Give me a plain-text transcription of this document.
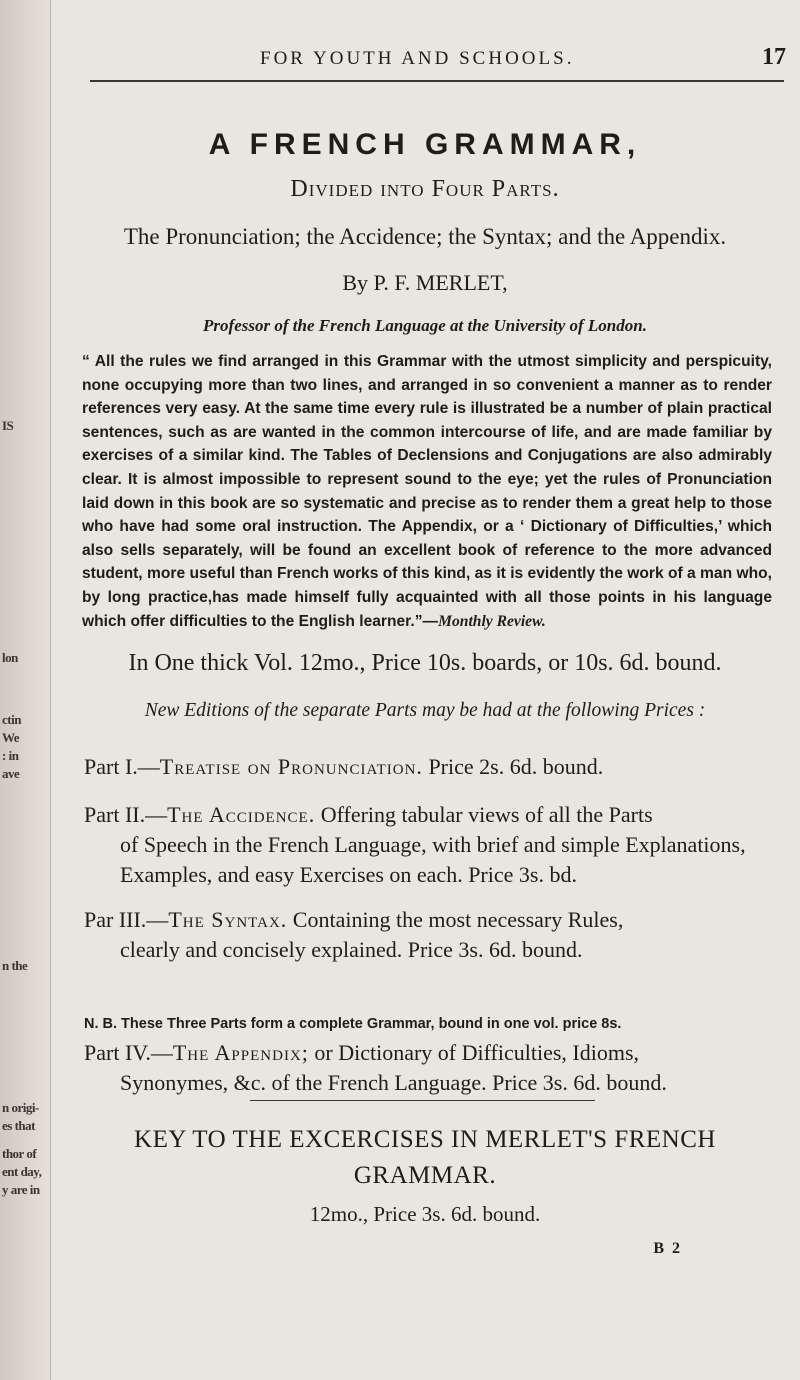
IS
lon
ctin
We
: in
ave
n the
n origi-
es that
thor of
ent day,
y are in
FOR YOUTH AND SCHOOLS.	17
A FRENCH GRAMMAR,
Divided into Four Parts.
The Pronunciation; the Accidence; the Syntax; and the Appendix.
By P. F. MERLET,
Professor of the French Language at the University of London.
“ All the rules we find arranged in this Grammar with the utmost simplicity and perspicuity, none occupying more than two lines, and arranged in so convenient a manner as to render references very easy. At the same time every rule is illustrated be a number of plain practical sentences, such as are wanted in the common intercourse of life, and are made familiar by exercises of a similar kind. The Tables of Declensions and Conjugations are also admirably clear. It is almost impossible to represent sound to the eye; yet the rules of Pronunciation laid down in this book are so systematic and precise as to render them a great help to those who have had some oral instruction. The Appendix, or a ‘ Dictionary of Difficulties,’ which also sells separately, will be found an excellent book of reference to the more advanced student, more useful than French works of this kind, as it is evidently the work of a man who, by long practice,has made himself fully acquainted with all those points in his language which offer difficulties to the English learner.”—Monthly Review.
In One thick Vol. 12mo., Price 10s. boards, or 10s. 6d. bound.
New Editions of the separate Parts may be had at the following Prices :
Part I.—Treatise on Pronunciation. Price 2s. 6d. bound.
Part II.—The Accidence. Offering tabular views of all the Parts
of Speech in the French Language, with brief and simple Explanations, Examples, and easy Exercises on each. Price 3s. bd.
Par III.—The Syntax. Containing the most necessary Rules,
clearly and concisely explained. Price 3s. 6d. bound.
N. B. These Three Parts form a complete Grammar, bound in one vol. price 8s.
Part IV.—The Appendix; or Dictionary of Difficulties, Idioms,
Synonymes, &c. of the French Language. Price 3s. 6d. bound.
KEY TO THE EXCERCISES IN MERLET'S FRENCH
GRAMMAR.
12mo., Price 3s. 6d. bound.
B 2
